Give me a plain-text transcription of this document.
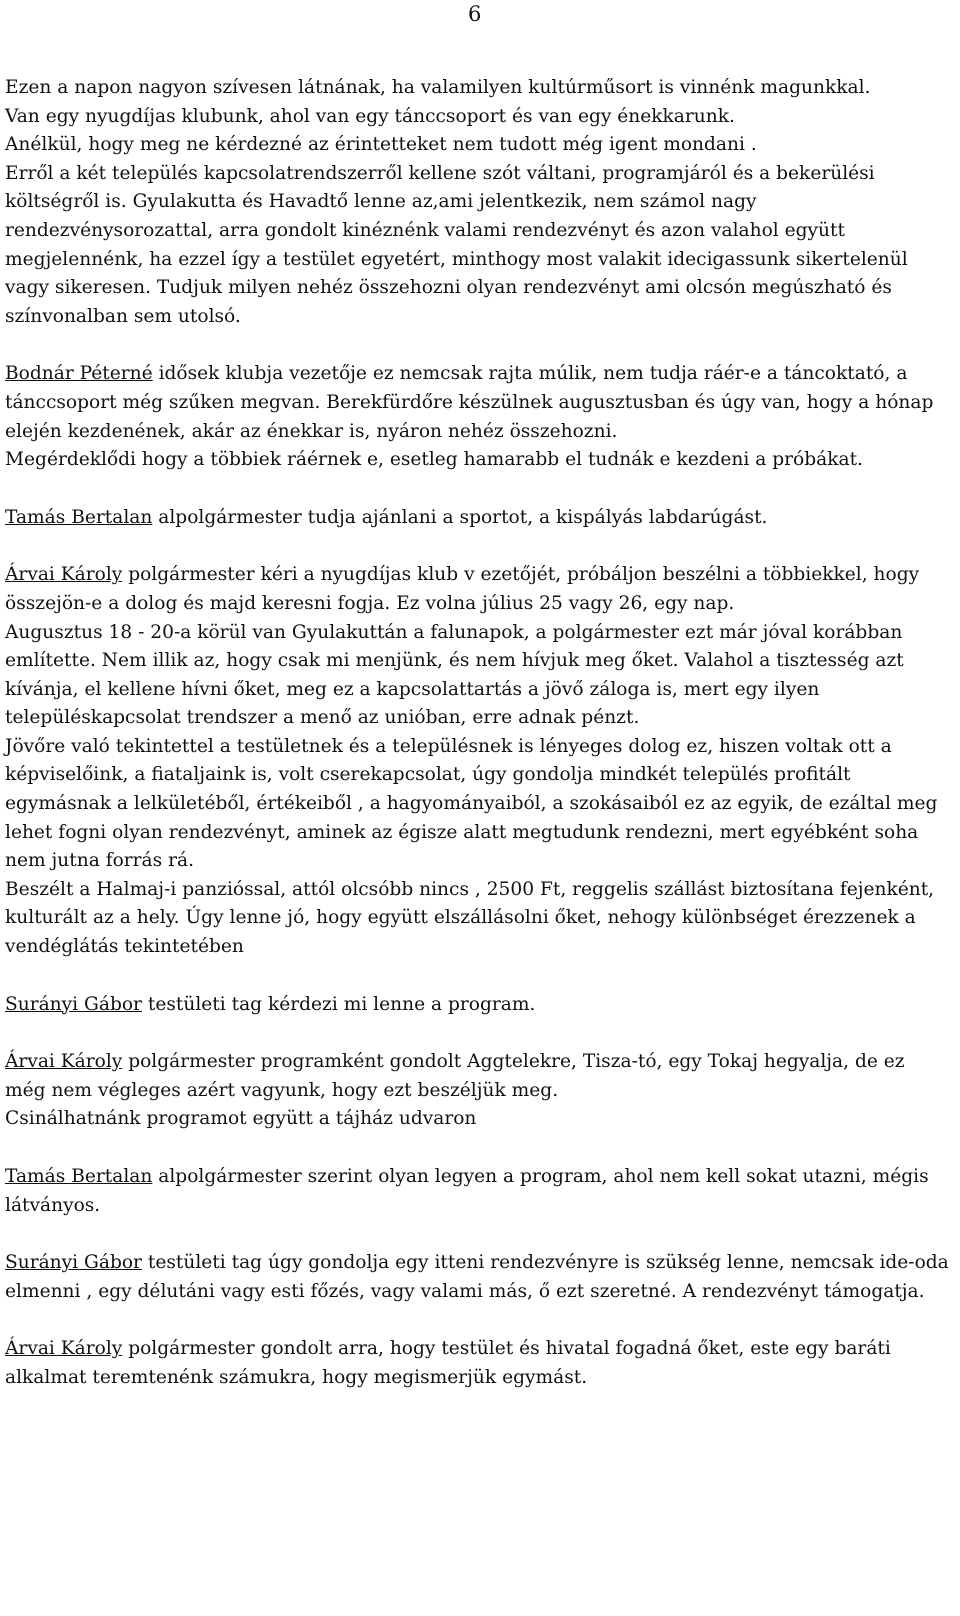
6

Ezen a napon nagyon szívesen látnának, ha valamilyen kultúrműsort is vinnénk magunkkal.

Van egy nyugdíjas klubunk, ahol van egy tánccsoport és van egy énekkarunk.

Anélkül, hogy meg ne kérdezné az érintetteket nem tudott még igent mondani .

Erről a két település kapcsolatrendszerről kellene szót váltani, programjáról és a bekerülési költségről is. Gyulakutta és Havadtő lenne az,ami jelentkezik, nem számol nagy rendezvénysorozattal, arra gondolt kinéznénk valami rendezvényt és azon valahol együtt megjelennénk, ha ezzel így a testület egyetért, minthogy most valakit idecigassunk sikertelenül vagy sikeresen. Tudjuk milyen nehéz összehozni olyan rendezvényt ami olcsón megúszható és színvonalban sem utolsó.

Bodnár Péterné idősek klubja vezetője ez nemcsak rajta múlik, nem tudja ráér-e a táncoktató, a tánccsoport még szűken megvan. Berekfürdőre készülnek augusztusban és úgy van, hogy a hónap elején kezdenének, akár az énekkar is, nyáron nehéz összehozni.

Megérdeklődi hogy a többiek ráérnek e, esetleg hamarabb el tudnák e kezdeni a próbákat.

Tamás Bertalan alpolgármester tudja ajánlani a sportot, a kispályás labdarúgást.

Árvai Károly polgármester kéri a nyugdíjas klub v ezetőjét, próbáljon beszélni a többiekkel, hogy összejön-e a dolog és majd keresni fogja. Ez volna július 25 vagy 26, egy nap.

Augusztus 18 - 20-a körül van Gyulakuttán a falunapok, a polgármester ezt már jóval korábban említette. Nem illik az, hogy csak mi menjünk, és nem hívjuk meg őket. Valahol a tisztesség azt kívánja, el kellene hívni őket, meg ez a kapcsolattartás a jövő záloga is, mert egy ilyen településkapcsolat trendszer a menő az unióban, erre adnak pénzt.

Jövőre való tekintettel a testületnek és a településnek is lényeges dolog ez, hiszen voltak ott a képviselőink, a fiataljaink is, volt cserekapcsolat, úgy gondolja mindkét település profitált egymásnak a lelkületéből, értékeiből , a hagyományaiból, a szokásaiból ez az egyik, de ezáltal meg lehet fogni olyan rendezvényt, aminek az égisze alatt megtudunk rendezni, mert egyébként soha nem jutna forrás rá.

Beszélt a Halmaj-i panzióssal, attól olcsóbb nincs , 2500 Ft, reggelis szállást biztosítana fejenként, kulturált az a hely. Úgy lenne jó, hogy együtt elszállásolni őket, nehogy különbséget érezzenek a vendéglátás tekintetében

Surányi Gábor testületi tag kérdezi mi lenne a program.

Árvai Károly polgármester programként gondolt Aggtelekre, Tisza-tó, egy Tokaj hegyalja, de ez még nem végleges azért vagyunk, hogy ezt beszéljük meg.

Csinálhatnánk programot együtt a tájház udvaron

Tamás Bertalan alpolgármester szerint olyan legyen a program, ahol nem kell sokat utazni, mégis látványos.

Surányi Gábor testületi tag úgy gondolja egy itteni rendezvényre is szükség lenne, nemcsak ide-oda elmenni , egy délutáni vagy esti főzés, vagy valami más, ő ezt szeretné. A rendezvényt támogatja.

Árvai Károly polgármester gondolt arra, hogy testület és hivatal fogadná őket, este egy baráti alkalmat teremtenénk számukra, hogy megismerjük egymást.
